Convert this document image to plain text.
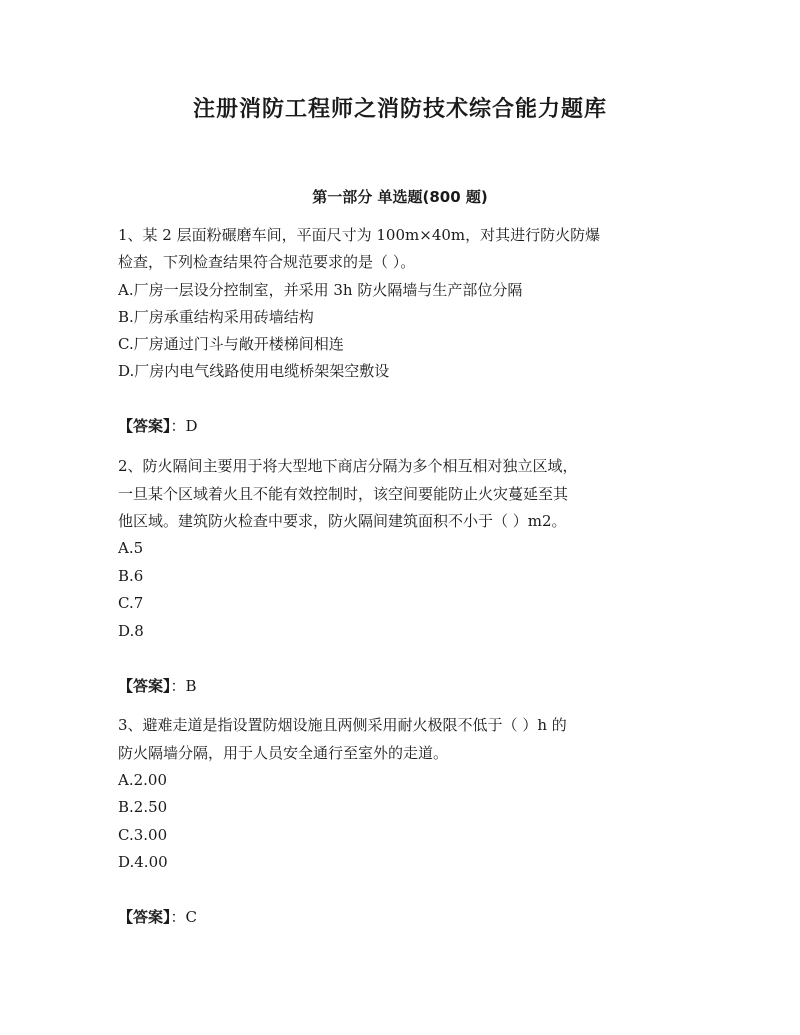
注册消防工程师之消防技术综合能力题库
第一部分 单选题(800 题)
1、某 2 层面粉碾磨车间，平面尺寸为 100m×40m，对其进行防火防爆
检查，下列检查结果符合规范要求的是（ ）。
A.厂房一层设分控制室，并采用 3h 防火隔墙与生产部位分隔
B.厂房承重结构采用砖墙结构
C.厂房通过门斗与敞开楼梯间相连
D.厂房内电气线路使用电缆桥架架空敷设
【答案】：D
2、防火隔间主要用于将大型地下商店分隔为多个相互相对独立区域，
一旦某个区域着火且不能有效控制时，该空间要能防止火灾蔓延至其
他区域。建筑防火检查中要求，防火隔间建筑面积不小于（ ）m2。
A.5
B.6
C.7
D.8
【答案】：B
3、避难走道是指设置防烟设施且两侧采用耐火极限不低于（ ）h 的
防火隔墙分隔，用于人员安全通行至室外的走道。
A.2.00
B.2.50
C.3.00
D.4.00
【答案】：C
